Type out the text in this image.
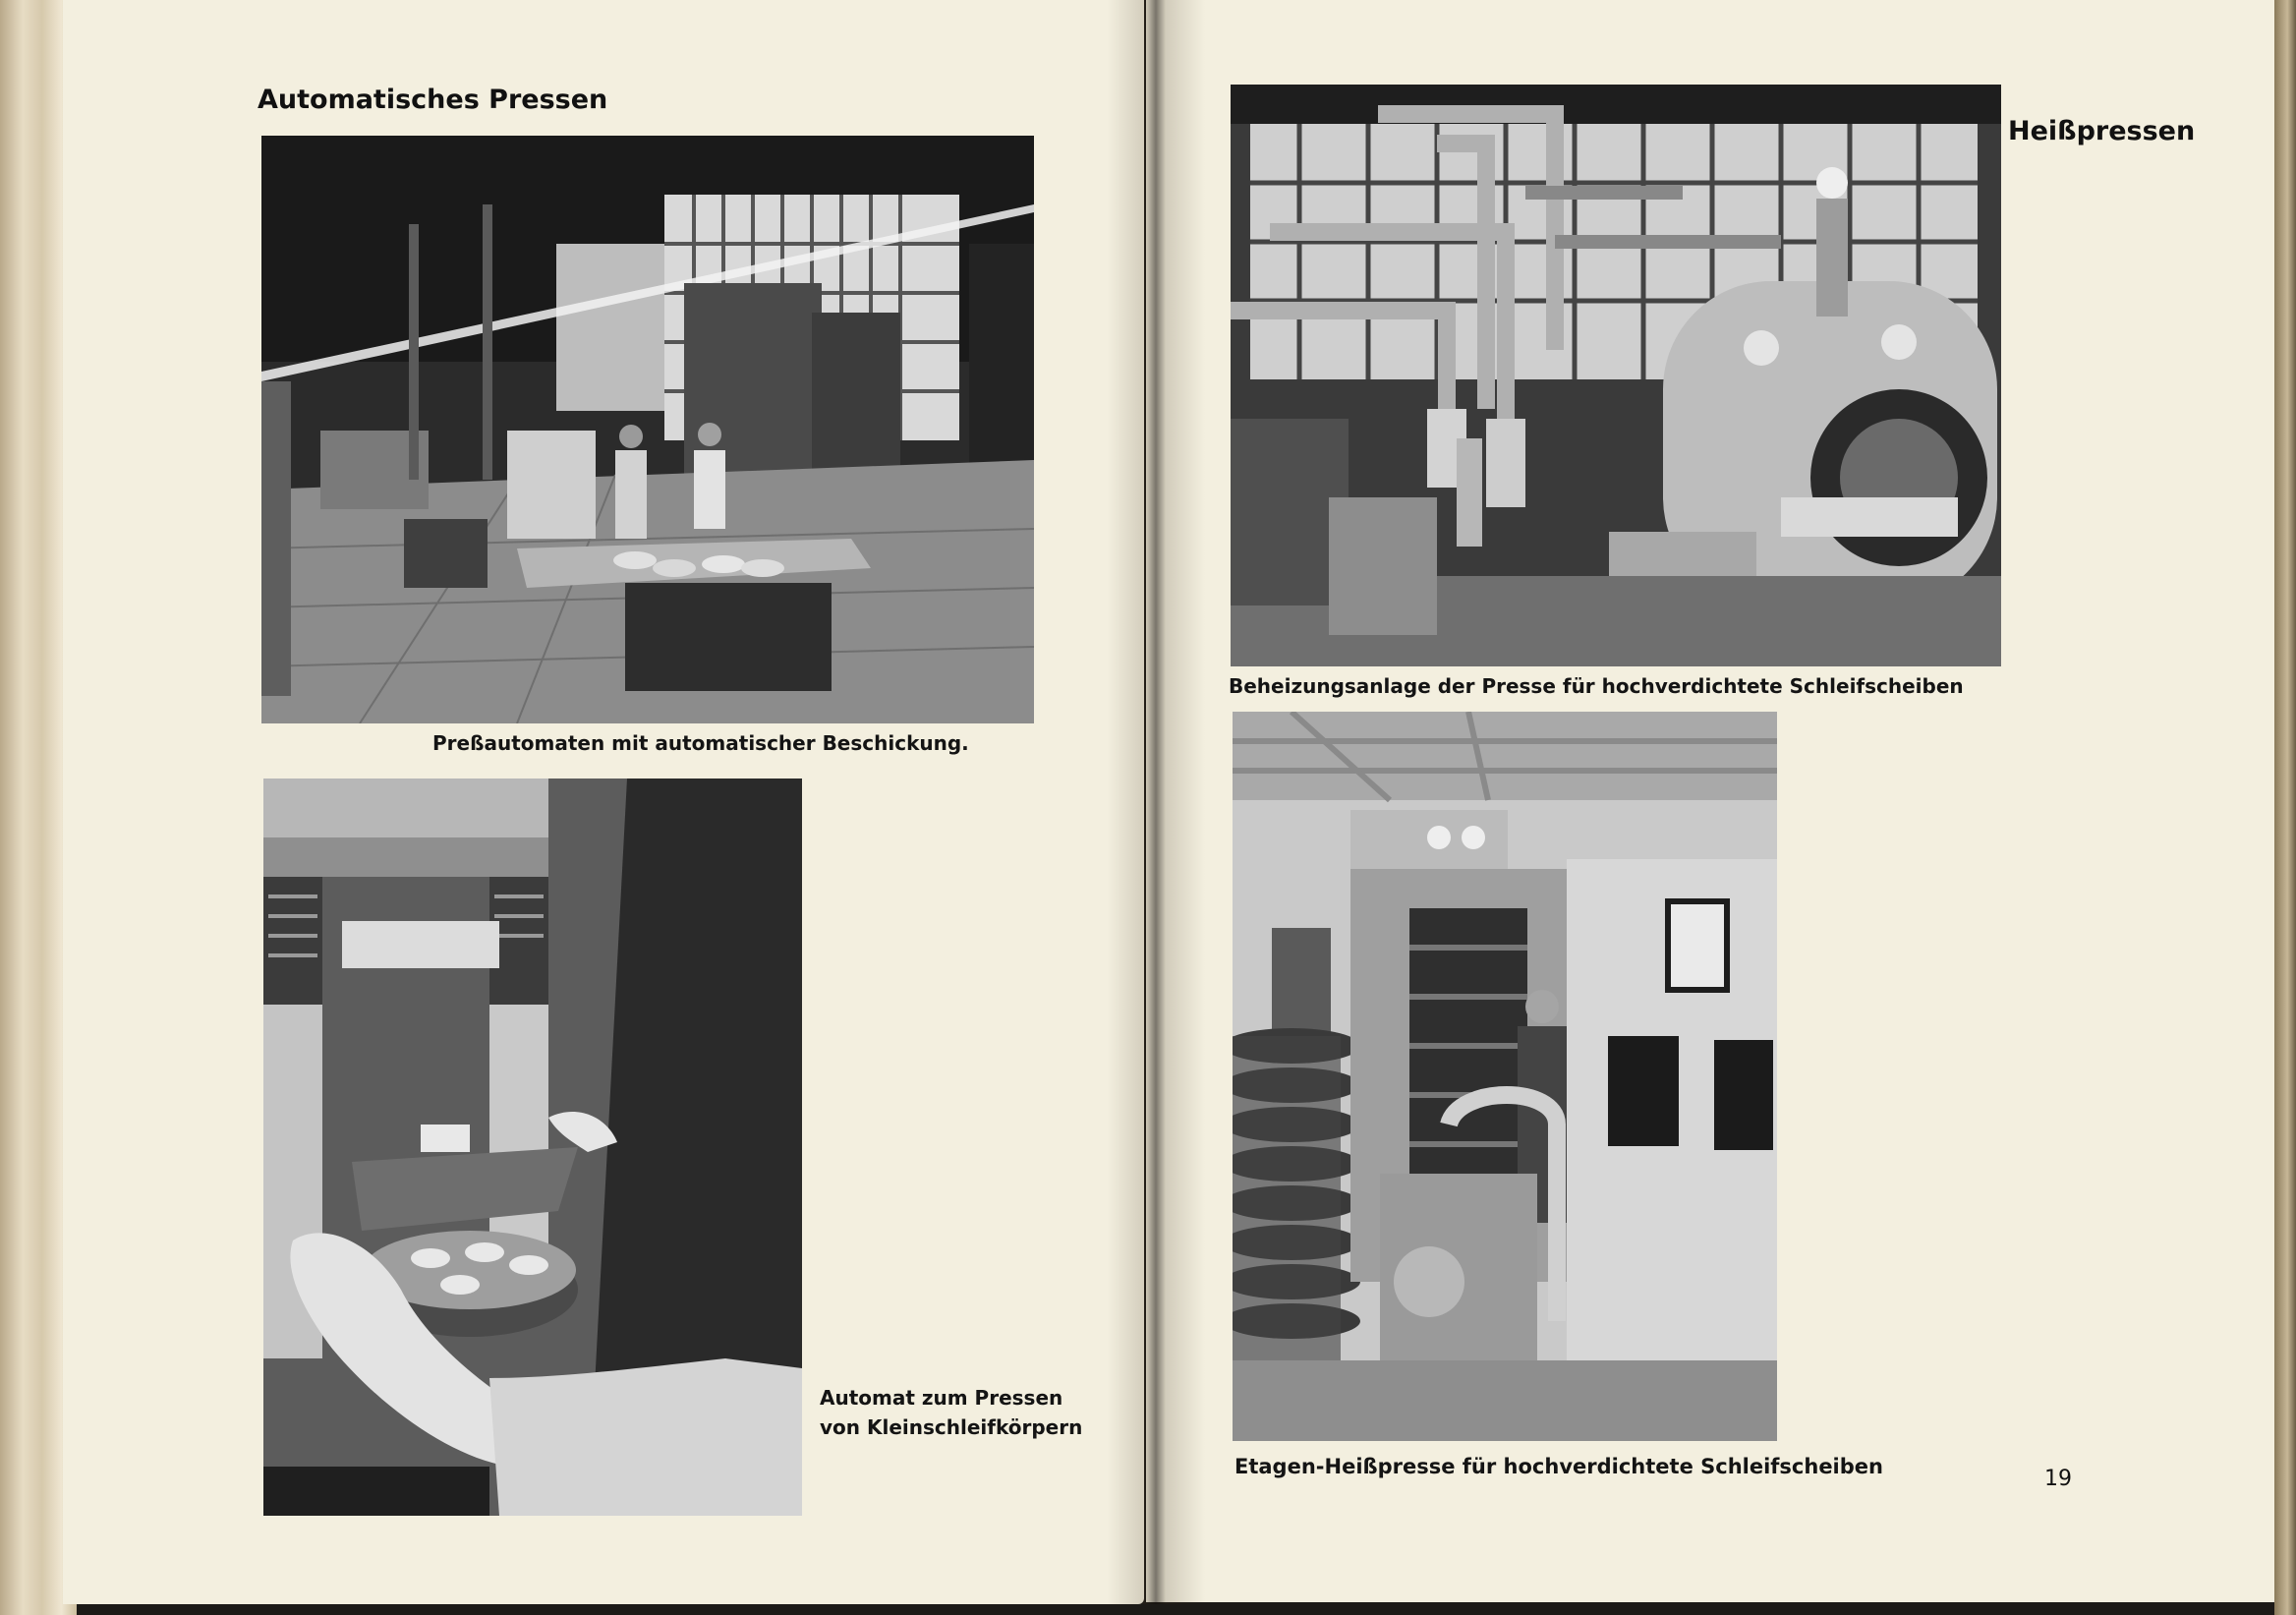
Automatisches Pressen
Preßautomaten mit automatischer Beschickung.
Automat zum Pressen
von Kleinschleifkörpern
Heißpressen
Beheizungsanlage der Presse für hochverdichtete Schleifscheiben
Etagen-Heißpresse für hochverdichtete Schleifscheiben	19
